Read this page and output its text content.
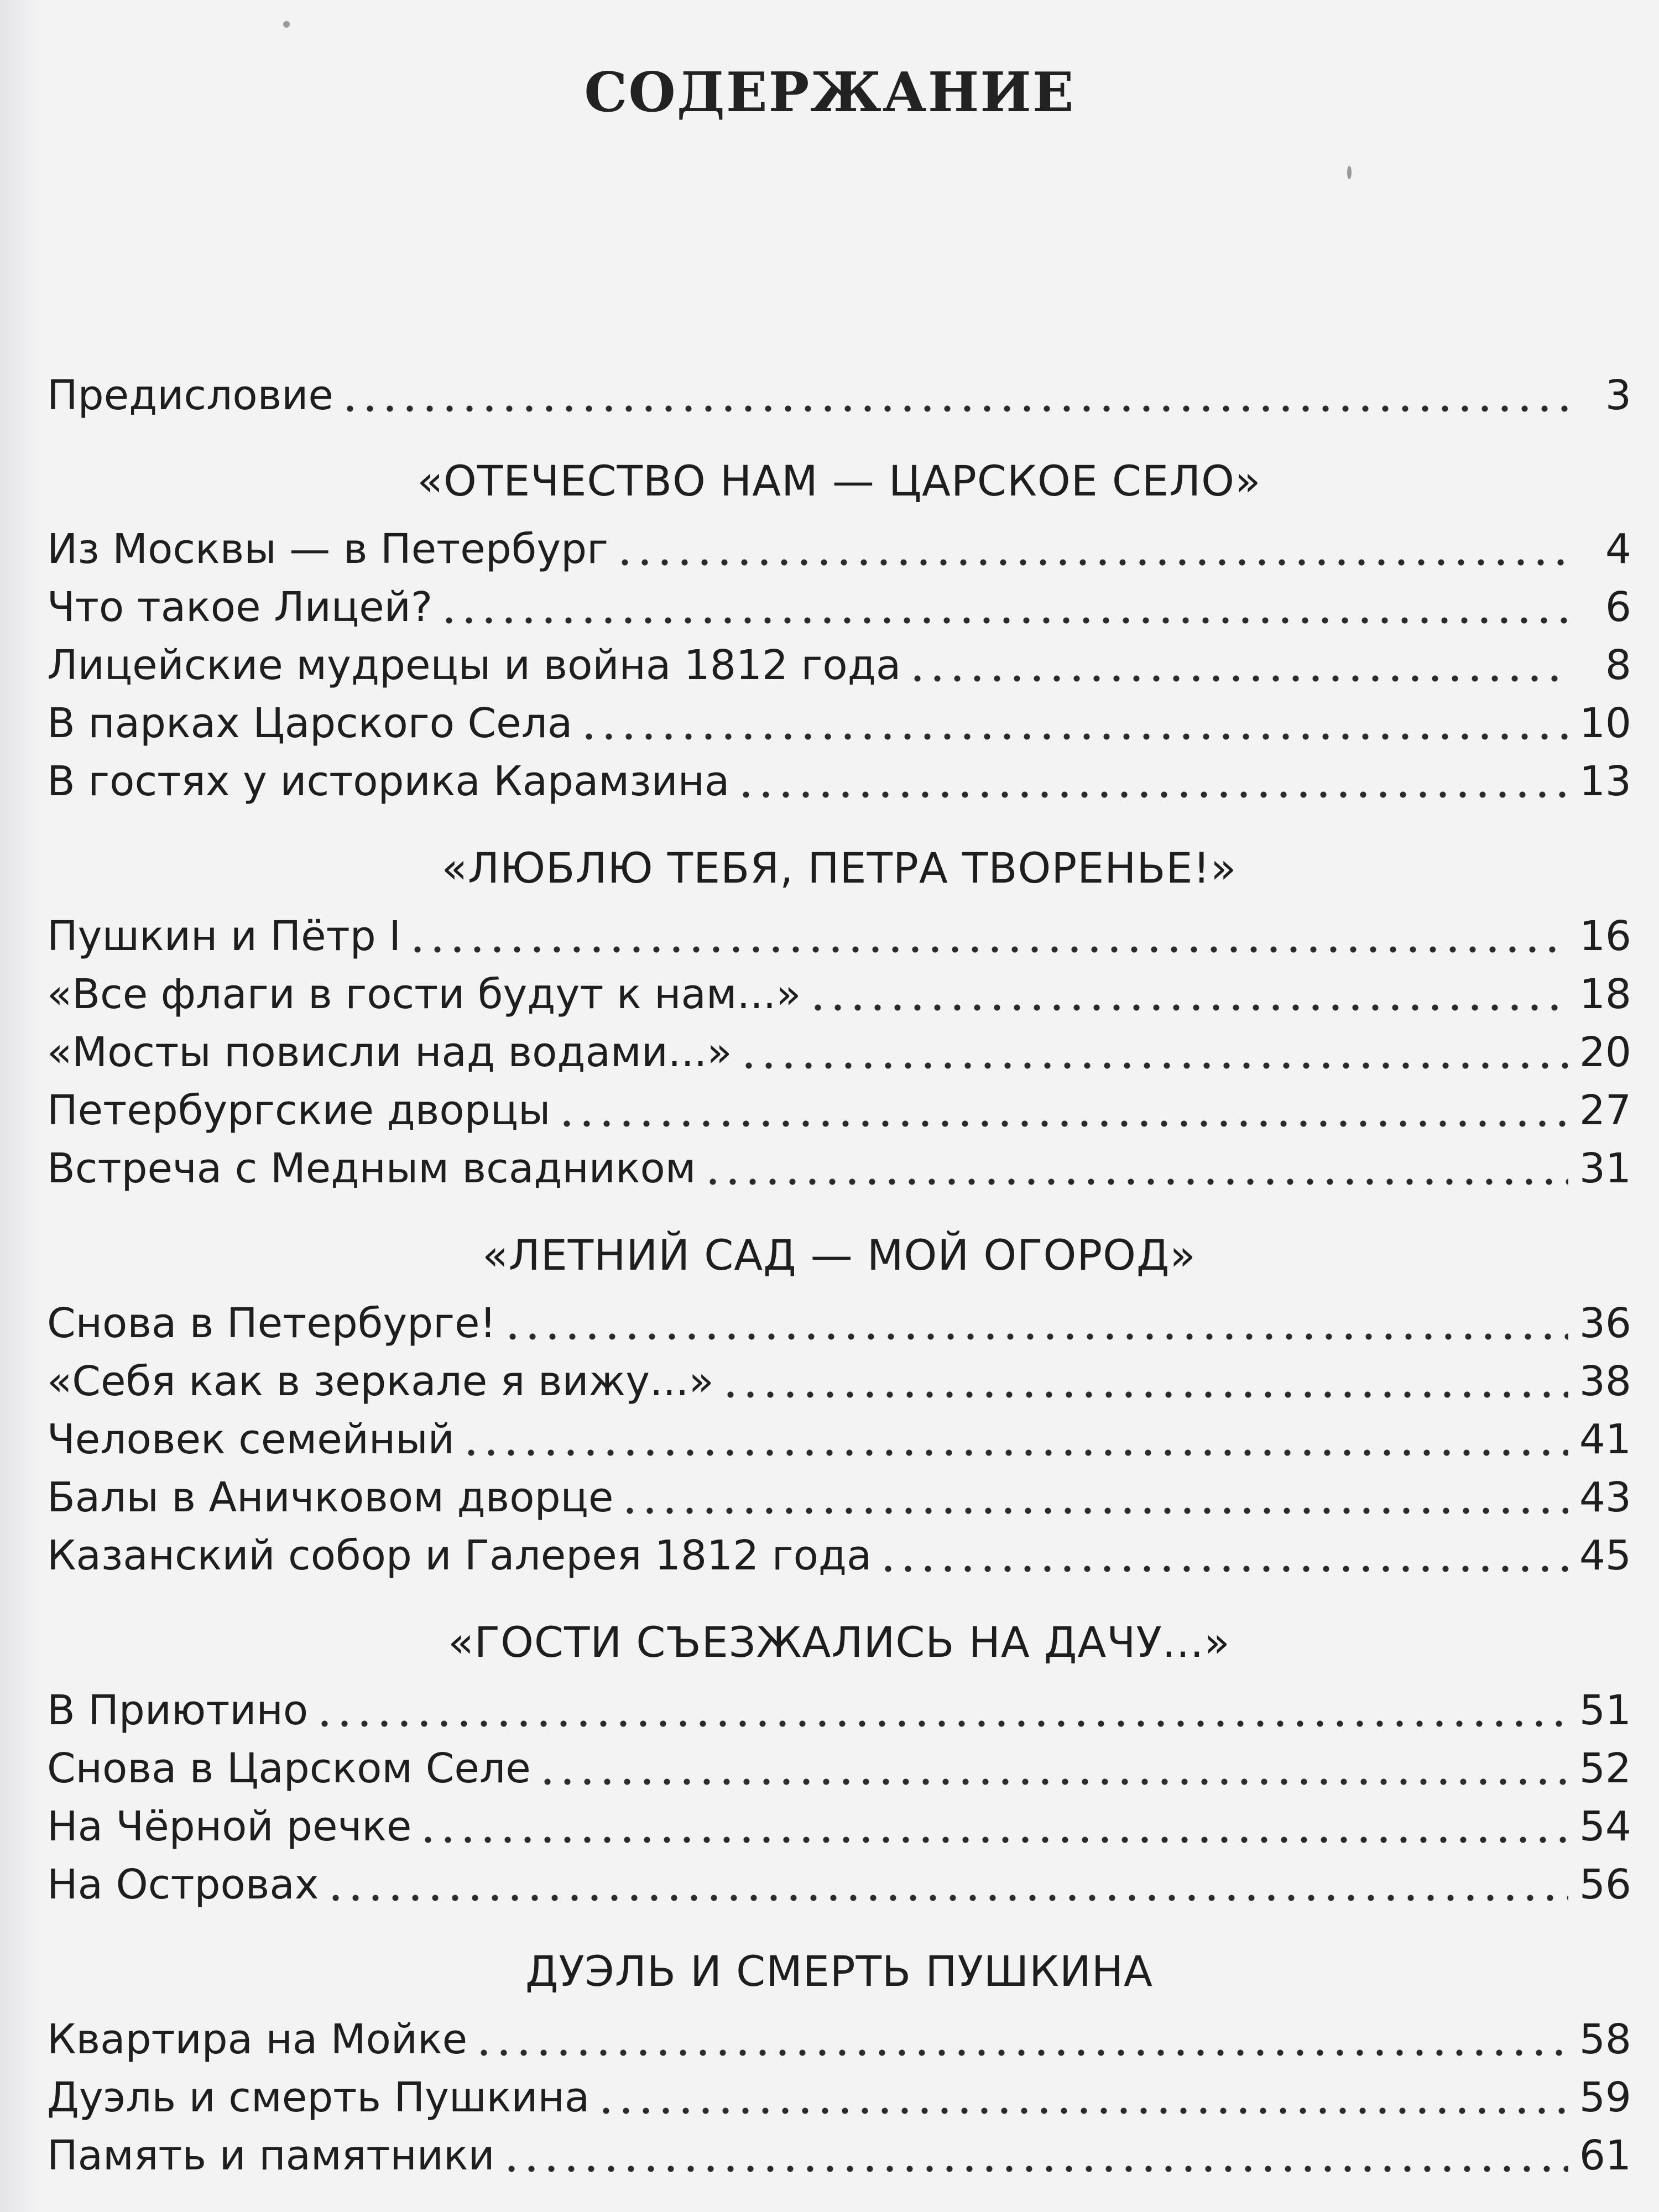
СОДЕРЖАНИЕ
Предисловие	3
«ОТЕЧЕСТВО НАМ — ЦАРСКОЕ СЕЛО»
Из Москвы — в Петербург	4
Что такое Лицей?	6
Лицейские мудрецы и война 1812 года	8
В парках Царского Села	10
В гостях у историка Карамзина	13
«ЛЮБЛЮ ТЕБЯ, ПЕТРА ТВОРЕНЬЕ!»
Пушкин и Пётр I	16
«Все флаги в гости будут к нам...»	18
«Мосты повисли над водами...»	20
Петербургские дворцы	27
Встреча с Медным всадником	31
«ЛЕТНИЙ САД — МОЙ ОГОРОД»
Снова в Петербурге!	36
«Себя как в зеркале я вижу...»	38
Человек семейный	41
Балы в Аничковом дворце	43
Казанский собор и Галерея 1812 года	45
«ГОСТИ СЪЕЗЖАЛИСЬ НА ДАЧУ...»
В Приютино	51
Снова в Царском Селе	52
На Чёрной речке	54
На Островах	56
ДУЭЛЬ И СМЕРТЬ ПУШКИНА
Квартира на Мойке	58
Дуэль и смерть Пушкина	59
Память и памятники	61
